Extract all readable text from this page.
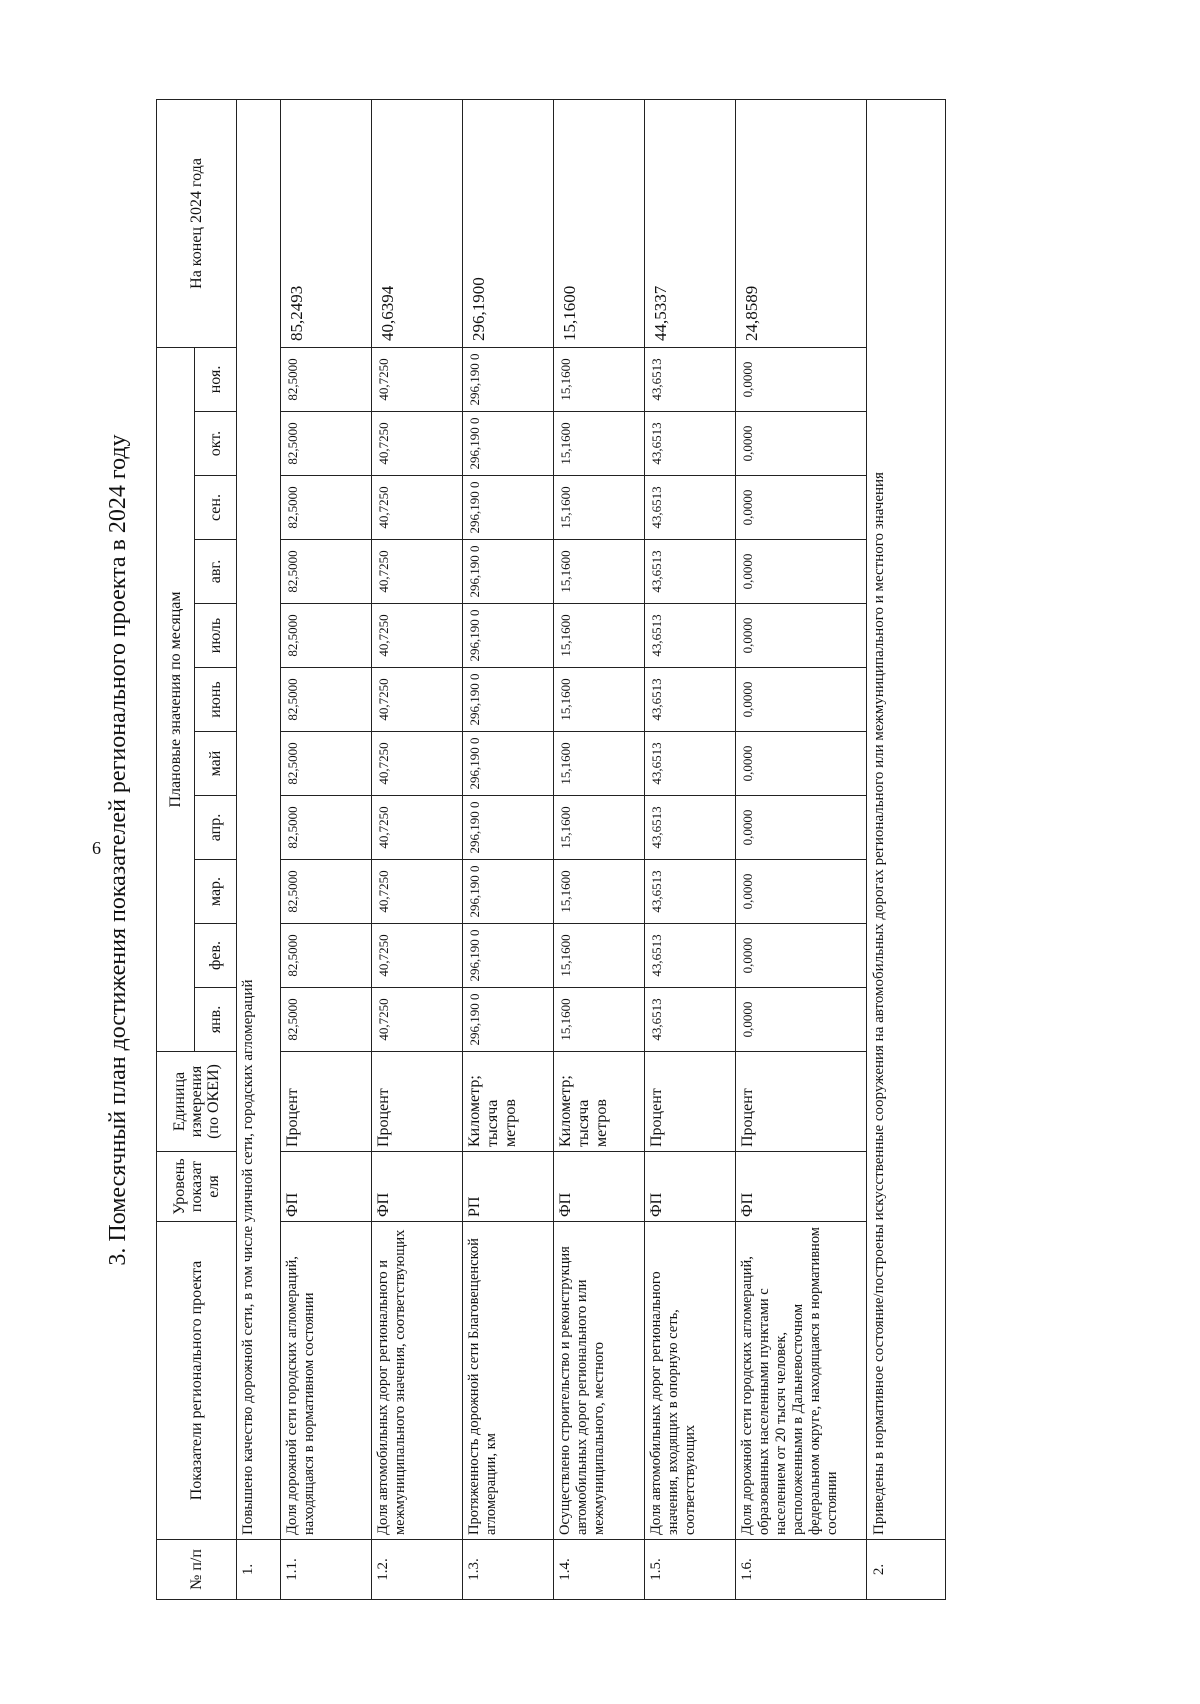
6 3. Помесячный план достижения показателей регионального проекта в 2024 году
№ п/п	Показатели регионального проекта	Уровень показат еля	Единица измерения (по ОКЕИ)	Плановые значения по месяцам											На конец 2024 года
				янв.	фев.	мар.	апр.	май	июнь	июль	авг.	сен.	окт.	ноя.	
1.	Повышено качество дорожной сети, в том числе уличной сети, городских агломераций														
1.1.	Доля дорожной сети городских агломераций, находящаяся в нормативном состоянии	ФП	Процент	82,5000	82,5000	82,5000	82,5000	82,5000	82,5000	82,5000	82,5000	82,5000	82,5000	82,5000	85,2493
1.2.	Доля автомобильных дорог регионального и межмуниципального значения, соответствующих	ФП	Процент	40,7250	40,7250	40,7250	40,7250	40,7250	40,7250	40,7250	40,7250	40,7250	40,7250	40,7250	40,6394
1.3.	Протяженность дорожной сети Благовещенской агломерации, км	РП	Километр; тысяча метров	296,190 0	296,190 0	296,190 0	296,190 0	296,190 0	296,190 0	296,190 0	296,190 0	296,190 0	296,190 0	296,190 0	296,1900
1.4.	Осуществлено строительство и реконструкция автомобильных дорог регионального или межмуниципального, местного	ФП	Километр; тысяча метров	15,1600	15,1600	15,1600	15,1600	15,1600	15,1600	15,1600	15,1600	15,1600	15,1600	15,1600	15,1600
1.5.	Доля автомобильных дорог регионального значения, входящих в опорную сеть, соответствующих	ФП	Процент	43,6513	43,6513	43,6513	43,6513	43,6513	43,6513	43,6513	43,6513	43,6513	43,6513	43,6513	44,5337
1.6.	Доля дорожной сети городских агломераций, образованных населенными пунктами с населением от 20 тысяч человек, расположенными в Дальневосточном федеральном округе, находящаяся в нормативном состоянии	ФП	Процент	0,0000	0,0000	0,0000	0,0000	0,0000	0,0000	0,0000	0,0000	0,0000	0,0000	0,0000	24,8589
2.	Приведены в нормативное состояние/построены искусственные сооружения на автомобильных дорогах регионального или межмуниципального и местного значения														
